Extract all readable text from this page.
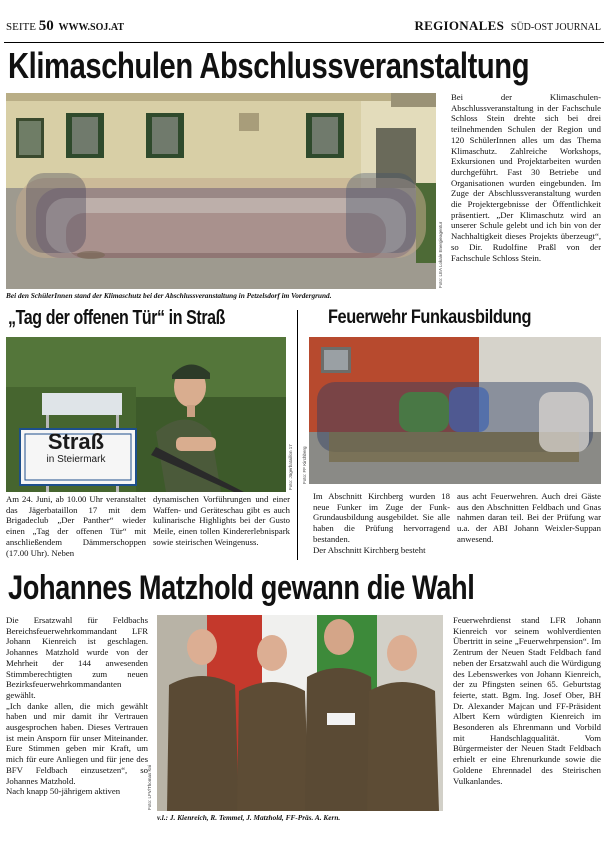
SEITE 50 WWW.SOJ.AT	REGIONALES SÜD-OST JOURNAL
Klimaschulen Abschlussveranstaltung
Foto: LEA Lokale Energieagentur
Bei der Klimaschulen-Abschlussveranstaltung in der Fachschule Schloss Stein drehte sich bei drei teilnehmenden Schulen der Region und 120 SchülerInnen alles um das Thema Klimaschutz. Zahlreiche Workshops, Exkursionen und Projektarbeiten wurden durchgeführt. Fast 30 Betriebe und Organisationen wurden eingebunden. Im Zuge der Abschlussveranstaltung wurden die Projektergebnisse der Öffentlichkeit präsentiert. „Der Klimaschutz wird an unserer Schule gelebt und ich bin von der Nachhaltigkeit dieses Projekts überzeugt“, so Dir. Rudolfine Praßl von der Fachschule Schloss Stein.
Bei den SchülerInnen stand der Klimaschutz bei der Abschlussveranstaltung in Petzelsdorf im Vordergrund.
„Tag der offenen Tür“ in Straß
Straß
in Steiermark	Foto: Jägerbataillon 17
Am 24. Juni, ab 10.00 Uhr veranstaltet das Jägerbataillon 17 mit dem Brigadeclub „Der Panther“ wieder einen „Tag der offenen Tür“ mit anschließendem Dämmerschoppen (17.00 Uhr). Neben
dynamischen Vorführungen und einer Waffen- und Geräteschau gibt es auch kulinarische Highlights bei der Gusto Meile, einen tollen Kindererlebnispark sowie steirischen Weingenuss.
Feuerwehr Funkausbildung
Foto: FF Kirchberg
Im Abschnitt Kirchberg wurden 18 neue Funker im Zuge der Funk-Grundausbildung ausgebildet. Sie alle haben die Prüfung hervorragend bestanden.
Der Abschnitt Kirchberg besteht
aus acht Feuerwehren. Auch drei Gäste aus den Abschnitten Feldbach und Gnas nahmen daran teil. Bei der Prüfung war u.a. der ABI Johann Weixler-Suppan anwesend.
Johannes Matzhold gewann die Wahl
Die Ersatzwahl für Feldbachs Bereichsfeuerwehrkommandant LFR Johann Kienreich ist geschlagen. Johannes Matzhold wurde von der Mehrheit der 144 anwesenden Stimmberechtigten zum neuen Bezirksfeuerwehrkommandanten gewählt.
„Ich danke allen, die mich gewählt haben und mir damit ihr Vertrauen ausgesprochen haben. Dieses Vertrauen ist mein Ansporn für unser Miteinander. Eure Stimmen geben mir Kraft, um mich für eure Anliegen und für jene des BFV Feldbach einzusetzen“, so Johannes Matzhold.
Nach knapp 50-jährigem aktiven	Foto: LFV/Thomas Kni
Feuerwehrdienst stand LFR Johann Kienreich vor seinem wohlverdienten Übertritt in seine „Feuerwehrpension“. Im Zentrum der Neuen Stadt Feldbach fand neben der Ersatzwahl auch die Würdigung des Lebenswerkes von Johann Kienreich, der zu Pfingsten seinen 65. Geburtstag feierte, statt. Bgm. Ing. Josef Ober, BH Dr. Alexander Majcan und FF-Präsident Albert Kern würdigten Kienreich im Besonderen als Ehrenmann und Vorbild mit Handschlagqualität. Vom Bürgermeister der Neuen Stadt Feldbach erhielt er eine Ehrenurkunde sowie die Goldene Ehrennadel des Steirischen Vulkanlandes.
v.l.: J. Kienreich, R. Temmel, J. Matzhold, FF-Präs. A. Kern.
